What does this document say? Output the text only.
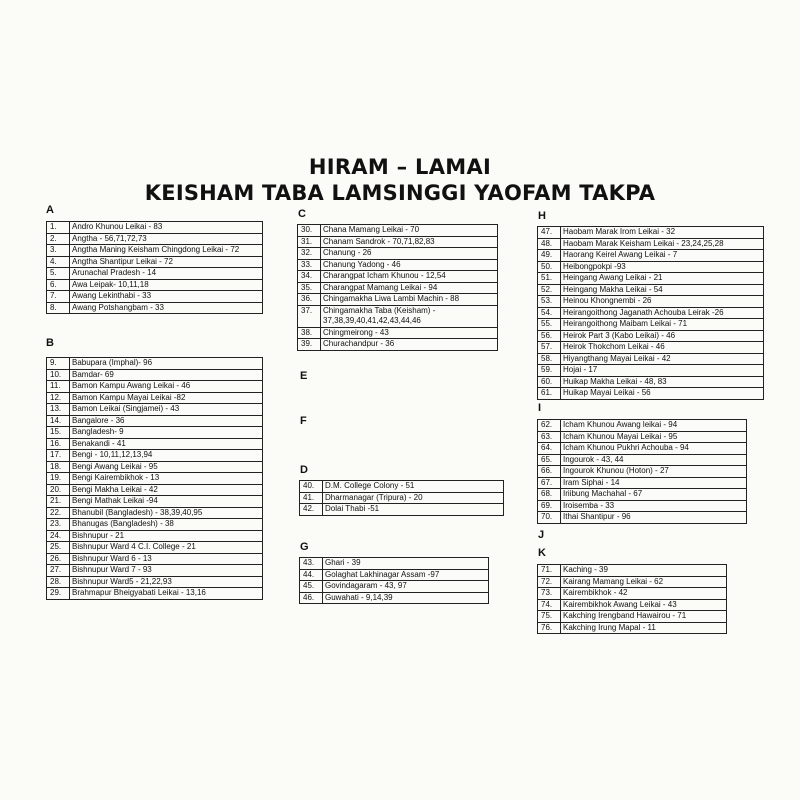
HIRAM – LAMAI
KEISHAM TABA LAMSINGGI YAOFAM TAKPA
A
1.	Andro Khunou Leikai - 83
2.	Angtha - 56,71,72,73
3.	Angtha Maning Keisham Chingdong Leikai - 72
4.	Angtha Shantipur Leikai - 72
5.	Arunachal Pradesh - 14
6.	Awa Leipak- 10,11,18
7.	Awang Lekinthabi - 33
8.	Awang Potshangbam - 33
B
9.	Babupara (Imphal)- 96
10.	Bamdar- 69
11.	Bamon Kampu Awang Leikai - 46
12.	Bamon Kampu Mayai Leikai -82
13.	Bamon Leikai (Singjamei) - 43
14.	Bangalore - 36
15.	Bangladesh- 9
16.	Benakandi - 41
17.	Bengi - 10,11,12,13,94
18.	Bengi Awang Leikai - 95
19.	Bengi Kairembikhok - 13
20.	Bengi Makha Leikai - 42
21.	Bengi Mathak Leikai -94
22.	Bhanubil (Bangladesh) - 38,39,40,95
23.	Bhanugas (Bangladesh) - 38
24.	Bishnupur - 21
25.	Bishnupur Ward 4 C.I. College - 21
26.	Bishnupur Ward 6 - 13
27.	Bishnupur Ward 7 - 93
28.	Bishnupur Ward5 - 21,22,93
29.	Brahmapur Bheigyabati Leikai - 13,16
C
30.	Chana Mamang Leikai - 70
31.	Chanam Sandrok - 70,71,82,83
32.	Chanung - 26
33.	Chanung Yadong - 46
34.	Charangpat Icham Khunou - 12,54
35.	Charangpat Mamang Leikai - 94
36.	Chingamakha Liwa Lambi Machin - 88
37.	Chingamakha Taba (Keisham) - 37,38,39,40,41,42,43,44,46
38.	Chingmeirong - 43
39.	Churachandpur - 36
E
F
D
40.	D.M. College Colony - 51
41.	Dharmanagar (Tripura) - 20
42.	Dolai Thabi -51
G
43.	Ghari - 39
44.	Golaghat Lakhinagar Assam -97
45.	Govindagaram - 43, 97
46.	Guwahati - 9,14,39
H
47.	Haobam Marak Irom Leikai - 32
48.	Haobam Marak Keisham Leikai - 23,24,25,28
49.	Haorang Keirel Awang Leikai - 7
50.	Heibongpokpi -93
51.	Heingang Awang Leikai - 21
52.	Heingang Makha Leikai - 54
53.	Heinou Khongnembi - 26
54.	Heirangoithong Jaganath Achouba Leirak -26
55.	Heirangoithong Maibam Leikai - 71
56.	Heirok Part 3 (Kabo Leikai) - 46
57.	Heirok Thokchom Leikai - 46
58.	Hiyangthang Mayai Leikai - 42
59.	Hojai - 17
60.	Huikap Makha Leikai - 48, 83
61.	Huikap Mayai Leikai - 56
I
62.	Icham Khunou Awang leikai - 94
63.	Icham Khunou Mayai Leikai - 95
64.	Icham Khunou Pukhri Achouba - 94
65.	Ingourok - 43, 44
66.	Ingourok Khunou (Hoton) - 27
67.	Iram Siphai - 14
68.	Iriibung Machahal - 67
69.	Iroisemba - 33
70.	Ithai Shantipur - 96
J
K
71.	Kaching - 39
72.	Kairang Mamang Leikai - 62
73.	Kairembikhok - 42
74.	Kairembikhok Awang Leikai - 43
75.	Kakching Irengband Hawairou - 71
76.	Kakching Irung Mapal - 11
